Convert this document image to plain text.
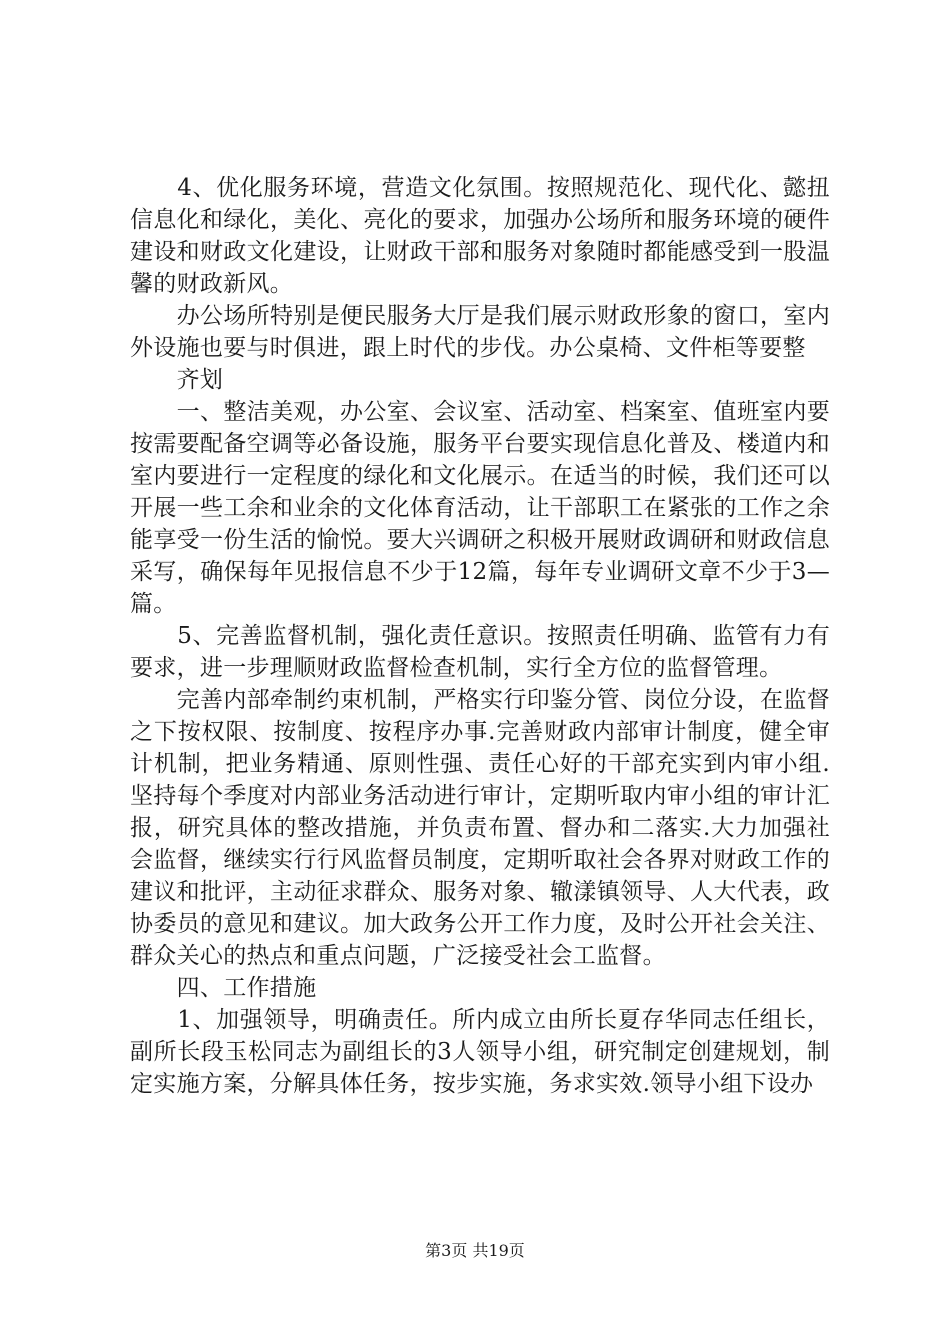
　　4、优化服务环境，营造文化氛围。按照规范化、现代化、懿扭信息化和绿化，美化、亮化的要求，加强办公场所和服务环境的硬件建设和财政文化建设，让财政干部和服务对象随时都能感受到一股温馨的财政新风。

　　办公场所特别是便民服务大厅是我们展示财政形象的窗口，室内外设施也要与时俱进，跟上时代的步伐。办公桌椅、文件柜等要整

　　齐划

　　一、整洁美观，办公室、会议室、活动室、档案室、值班室内要按需要配备空调等必备设施，服务平台要实现信息化普及、楼道内和室内要进行一定程度的绿化和文化展示。在适当的时候，我们还可以开展一些工余和业余的文化体育活动，让干部职工在紧张的工作之余能享受一份生活的愉悦。要大兴调研之积极开展财政调研和财政信息采写，确保每年见报信息不少于12篇，每年专业调研文章不少于3—篇。

　　5、完善监督机制，强化责任意识。按照责任明确、监管有力有要求，进一步理顺财政监督检查机制，实行全方位的监督管理。

　　完善内部牵制约束机制，严格实行印鉴分管、岗位分设，在监督之下按权限、按制度、按程序办事.完善财政内部审计制度，健全审计机制，把业务精通、原则性强、责任心好的干部充实到内审小组.坚持每个季度对内部业务活动进行审计，定期听取内审小组的审计汇报，研究具体的整改措施，并负责布置、督办和二落实.大力加强社会监督，继续实行行风监督员制度，定期听取社会各界对财政工作的建议和批评，主动征求群众、服务对象、辙漾镇领导、人大代表，政协委员的意见和建议。加大政务公开工作力度，及时公开社会关注、群众关心的热点和重点问题，广泛接受社会工监督。

　　四、工作措施

　　1、加强领导，明确责任。所内成立由所长夏存华同志任组长，副所长段玉松同志为副组长的3人领导小组，研究制定创建规划，制定实施方案，分解具体任务，按步实施，务求实效.领导小组下设办

第3页 共19页
